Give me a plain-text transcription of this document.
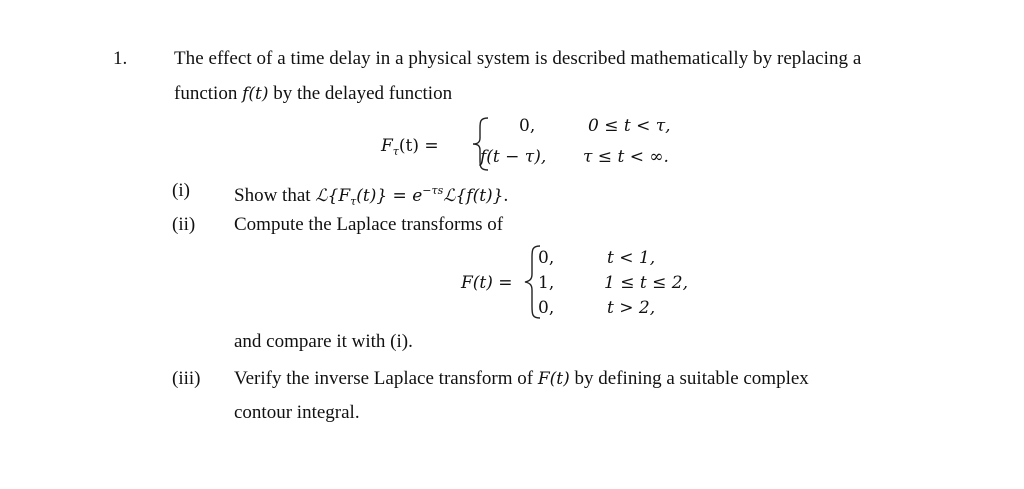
1. The effect of a time delay in a physical system is described mathematically by replacing a
function f(t) by the delayed function
$F_\tau(t)$ =
0,	0 ≤ t < τ,
f(t − τ), τ ≤ t < ∞.
(i) Show that $ℒ\{F_\tau(t)\}$ = $e^{-\tau s}ℒ\{f(t)\}$.
(ii) Compute the Laplace transforms of
F(t) =
0,	t < 1,
1,	1 ≤ t ≤ 2,
0,	t > 2,
and compare it with (i).
(iii) Verify the inverse Laplace transform of F(t) by defining a suitable complex
contour integral.
